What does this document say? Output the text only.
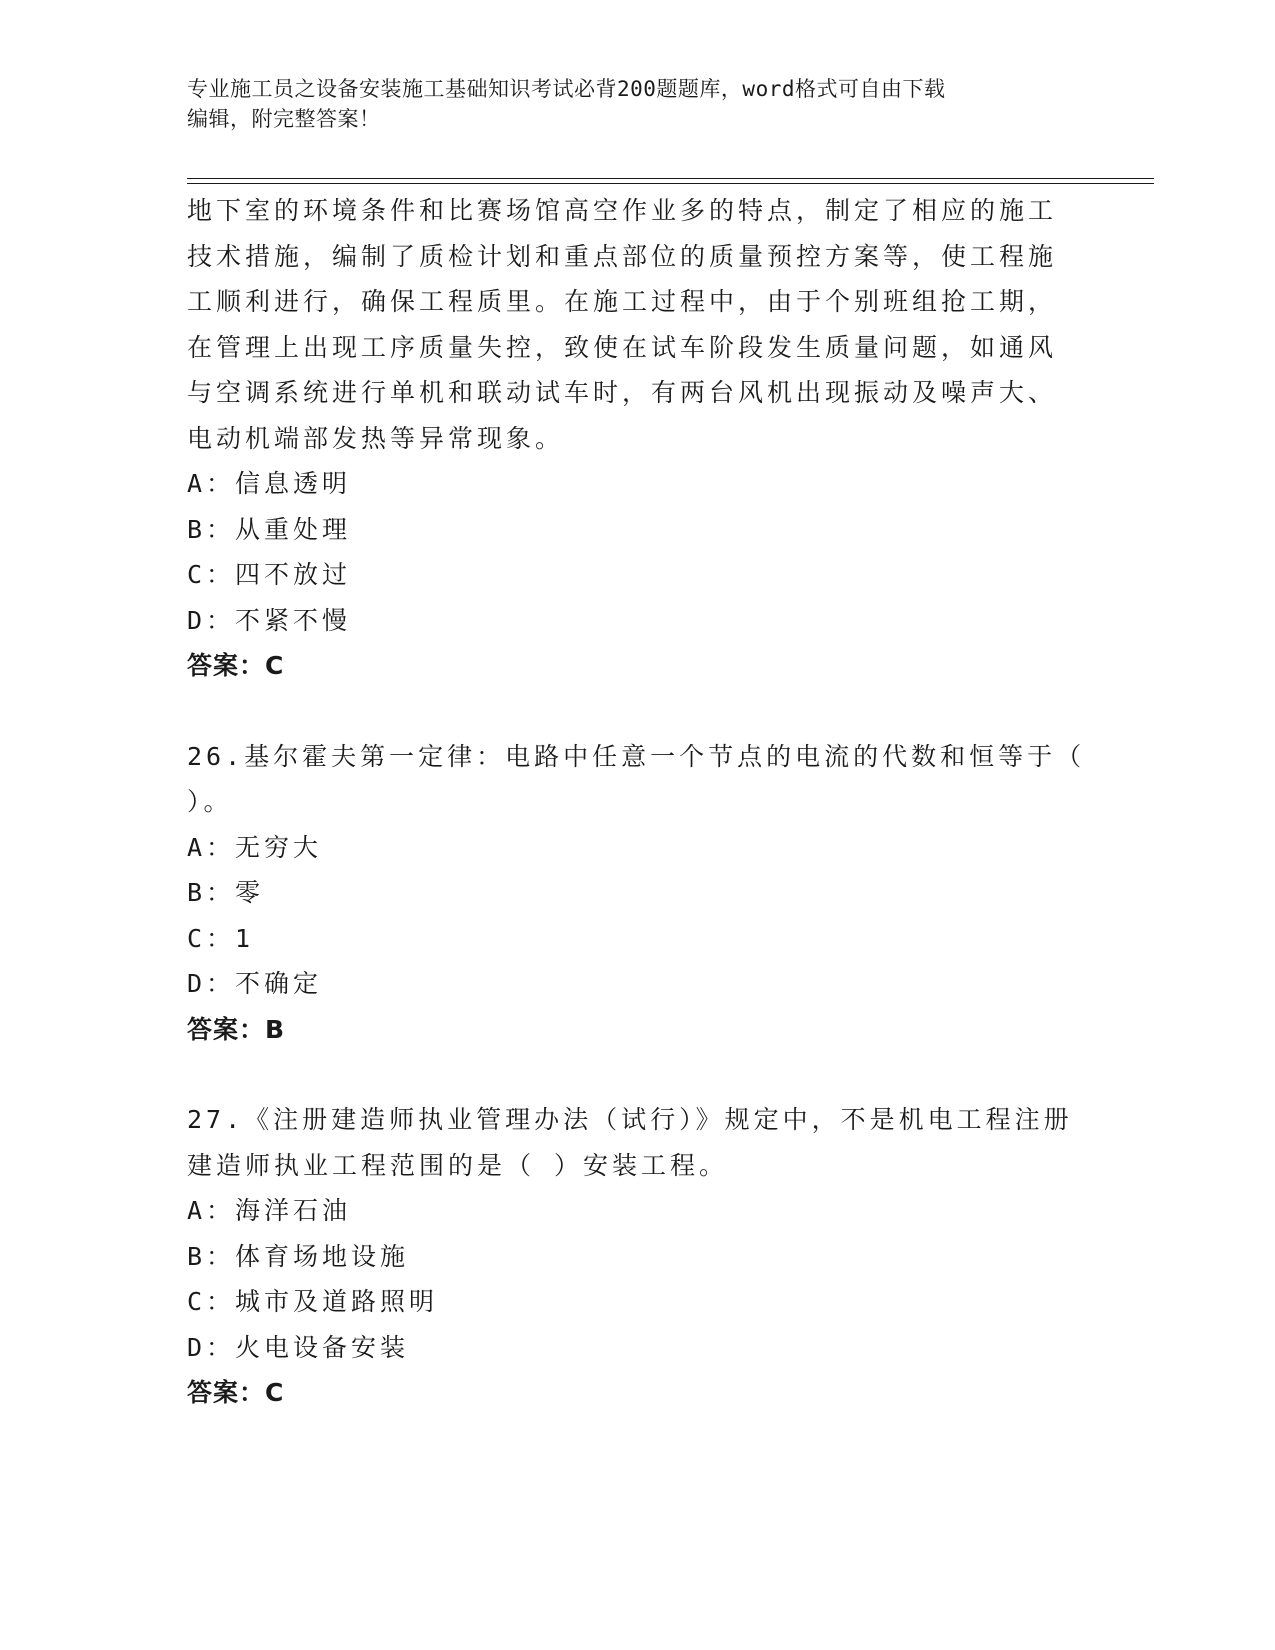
专业施工员之设备安装施工基础知识考试必背200题题库，word格式可自由下载
编辑，附完整答案！
地下室的环境条件和比赛场馆高空作业多的特点，制定了相应的施工
技术措施，编制了质检计划和重点部位的质量预控方案等，使工程施
工顺利进行，确保工程质里。在施工过程中，由于个别班组抢工期，
在管理上出现工序质量失控，致使在试车阶段发生质量问题，如通风
与空调系统进行单机和联动试车时，有两台风机出现振动及噪声大、
电动机端部发热等异常现象。
A：信息透明
B：从重处理
C：四不放过
D：不紧不慢
答案：C
26.基尔霍夫第一定律：电路中任意一个节点的电流的代数和恒等于（
）。
A：无穷大
B：零
C：1
D：不确定
答案：B
27.《注册建造师执业管理办法（试行）》规定中，不是机电工程注册
建造师执业工程范围的是（ ）安装工程。
A：海洋石油
B：体育场地设施
C：城市及道路照明
D：火电设备安装
答案：C
